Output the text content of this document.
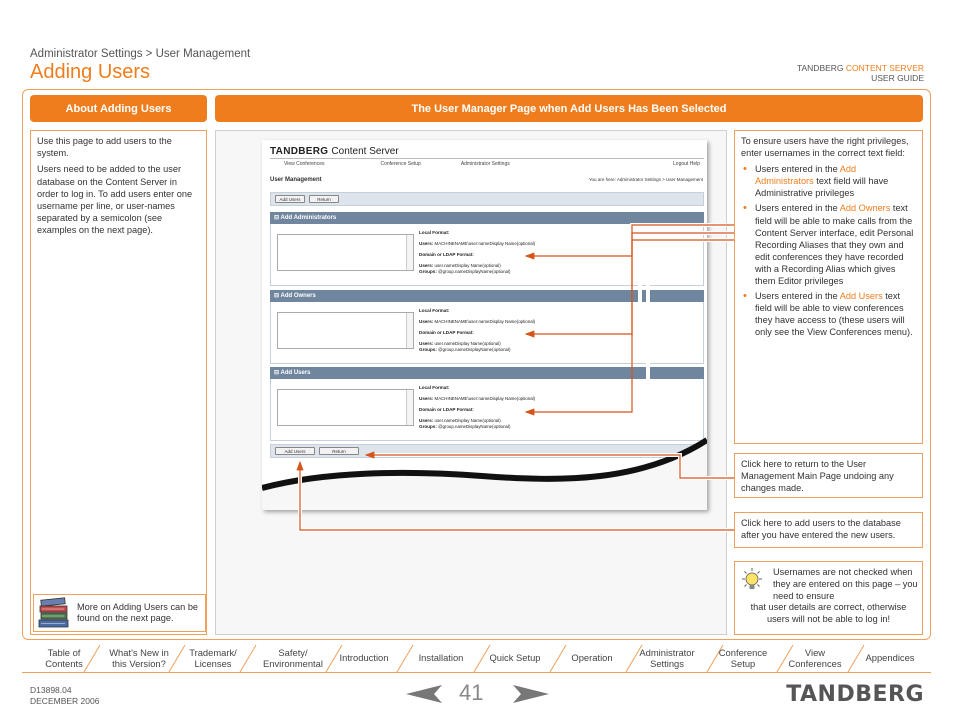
Administrator Settings > User Management
Adding Users	TANDBERG CONTENT SERVER
USER GUIDE
About Adding Users	The User Manager Page when Add Users Has Been Selected

Use this page to add users to the system.

Users need to be added to the user database on the Content Server in order to log in. To add users enter one username per line, or user-names separated by a semicolon (see examples on the next page).

More on Adding Users can be found on the next page.
TANDBERG Content Server
View Conferences	Conference Setup	Administrator Settings	Logout Help
User Management	You are here: Administrator Settings > User Management
Add Users	Return
⊟ Add Administrators
Local Format:

Users: MACHINENAME\user:nameDisplay Name(optional)

Domain or LDAP Format:

Users: user.nameDisplay Name(optional)
Groups: @group.nameDisplayName(optional)
⊟ Add Owners
Local Format:

Users: MACHINENAME\user:nameDisplay Name(optional)

Domain or LDAP Format:

Users: user.nameDisplay Name(optional)
Groups: @group.nameDisplayName(optional)
⊟ Add Users
Local Format:

Users: MACHINENAME\user:nameDisplay Name(optional)

Domain or LDAP Format:

Users: user.nameDisplay Name(optional)
Groups: @group.nameDisplayName(optional)
Add Users	Return
To ensure users have the right privileges, enter usernames in the correct text field:
• Users entered in the Add Administrators text field will have Administrative privileges
• Users entered in the Add Owners text field will be able to make calls from the Content Server interface, edit Personal Recording Aliases that they own and edit conferences they have recorded with a Recording Alias which gives them Editor privileges
• Users entered in the Add Users text field will be able to view conferences they have access to (these users will only see the View Conferences menu).
Click here to return to the User Management Main Page undoing any changes made.
Click here to add users to the database after you have entered the new users.
Usernames are not checked when they are entered on this page – you need to ensure
that user details are correct, otherwise users will not be able to log in!
Table of Contents
What's New in this Version?
Trademark/ Licenses
Safety/ Environmental
Introduction	Installation	Quick Setup	Operation
Administrator Settings
Conference Setup
View Conferences
Appendices
D13898.04
DECEMBER 2006	41	TANDBERG
